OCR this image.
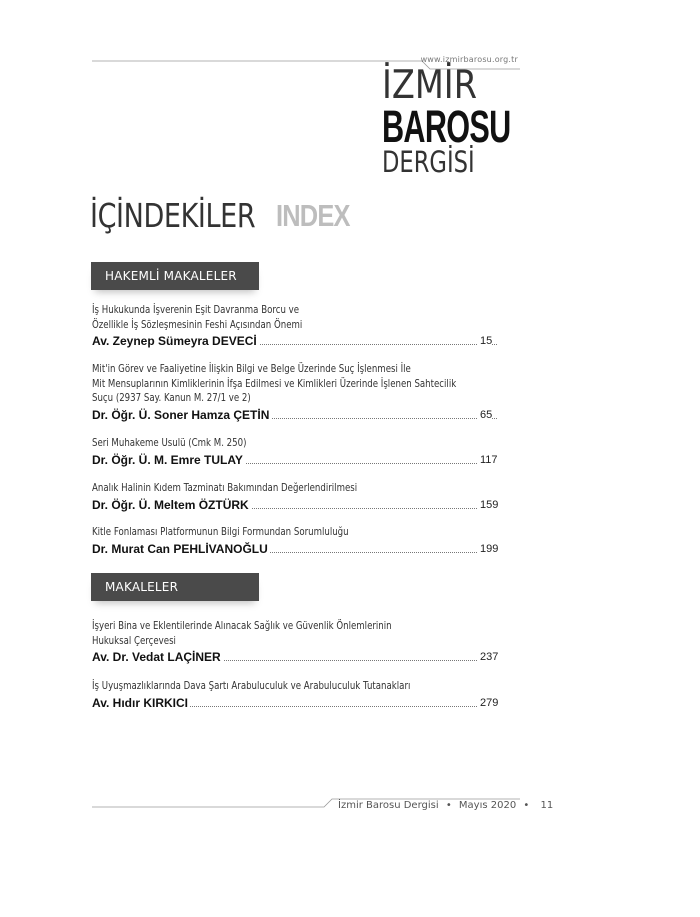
www.izmirbarosu.org.tr
İZMİR
BAROSU
DERGİSİ
İÇİNDEKİLER INDEX
HAKEMLİ MAKALELER
İş Hukukunda İşverenin Eşit Davranma Borcu ve
Özellikle İş Sözleşmesinin Feshi Açısından Önemi
Av. Zeynep Sümeyra DEVECİ	15
Mit'in Görev ve Faaliyetine İlişkin Bilgi ve Belge Üzerinde Suç İşlenmesi İle
Mit Mensuplarının Kimliklerinin İfşa Edilmesi ve Kimlikleri Üzerinde İşlenen Sahtecilik
Suçu (2937 Say. Kanun M. 27/1 ve 2)
Dr. Öğr. Ü. Soner Hamza ÇETİN	65
Seri Muhakeme Usulü (Cmk M. 250)
Dr. Öğr. Ü. M. Emre TULAY	117
Analık Halinin Kıdem Tazminatı Bakımından Değerlendirilmesi
Dr. Öğr. Ü. Meltem ÖZTÜRK	159
Kitle Fonlaması Platformunun Bilgi Formundan Sorumluluğu
Dr. Murat Can PEHLİVANOĞLU	199
MAKALELER
İşyeri Bina ve Eklentilerinde Alınacak Sağlık ve Güvenlik Önlemlerinin
Hukuksal Çerçevesi
Av. Dr. Vedat LAÇİNER	237
İş Uyuşmazlıklarında Dava Şartı Arabuluculuk ve Arabuluculuk Tutanakları
Av. Hıdır KIRKICI	279
İzmir Barosu Dergisi • Mayıs 2020 • 11
